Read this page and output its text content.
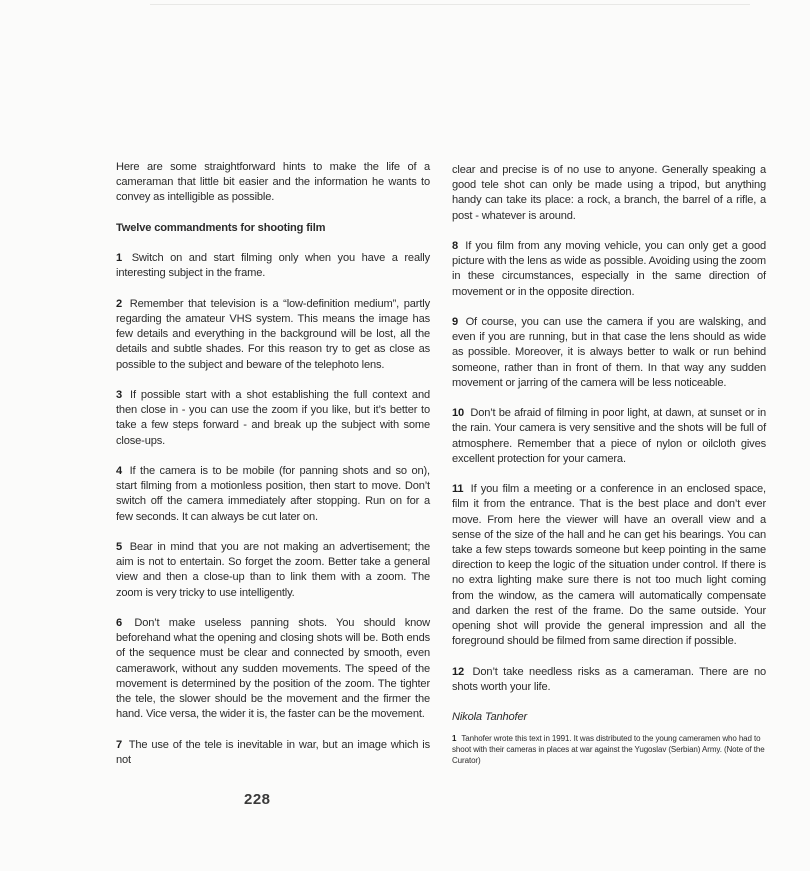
Here are some straightforward hints to make the life of a cameraman that little bit easier and the information he wants to convey as intelligible as possible.

Twelve commandments for shooting film

1 Switch on and start filming only when you have a really interesting subject in the frame.

2 Remember that television is a “low-definition medium”, partly regarding the amateur VHS system. This means the image has few details and everything in the background will be lost, all the details and subtle shades. For this reason try to get as close as possible to the subject and beware of the telephoto lens.

3 If possible start with a shot establishing the full context and then close in - you can use the zoom if you like, but it’s better to take a few steps forward - and break up the subject with some close-ups.

4 If the camera is to be mobile (for panning shots and so on), start filming from a motionless position, then start to move. Don’t switch off the camera immediately after stopping. Run on for a few seconds. It can always be cut later on.

5 Bear in mind that you are not making an advertisement; the aim is not to entertain. So forget the zoom. Better take a general view and then a close-up than to link them with a zoom. The zoom is very tricky to use intelligently.

6 Don’t make useless panning shots. You should know beforehand what the opening and closing shots will be. Both ends of the sequence must be clear and connected by smooth, even camerawork, without any sudden movements. The speed of the movement is determined by the position of the zoom. The tighter the tele, the slower should be the movement and the firmer the hand. Vice versa, the wider it is, the faster can be the movement.

7 The use of the tele is inevitable in war, but an image which is not

clear and precise is of no use to anyone. Generally speaking a good tele shot can only be made using a tripod, but anything handy can take its place: a rock, a branch, the barrel of a rifle, a post - whatever is around.

8 If you film from any moving vehicle, you can only get a good picture with the lens as wide as possible. Avoiding using the zoom in these circumstances, especially in the same direction of movement or in the opposite direction.

9 Of course, you can use the camera if you are walsking, and even if you are running, but in that case the lens should as wide as possible. Moreover, it is always better to walk or run behind someone, rather than in front of them. In that way any sudden movement or jarring of the camera will be less noticeable.

10 Don’t be afraid of filming in poor light, at dawn, at sunset or in the rain. Your camera is very sensitive and the shots will be full of atmosphere. Remember that a piece of nylon or oilcloth gives excellent protection for your camera.

11 If you film a meeting or a conference in an enclosed space, film it from the entrance. That is the best place and don’t ever move. From here the viewer will have an overall view and a sense of the size of the hall and he can get his bearings. You can take a few steps towards someone but keep pointing in the same direction to keep the logic of the situation under control. If there is no extra lighting make sure there is not too much light coming from the window, as the camera will automatically compensate and darken the rest of the frame. Do the same outside. Your opening shot will provide the general impression and all the foreground should be filmed from same direction if possible.

12 Don’t take needless risks as a cameraman. There are no shots worth your life.

Nikola Tanhofer

1 Tanhofer wrote this text in 1991. It was distributed to the young cameramen who had to shoot with their cameras in places at war against the Yugoslav (Serbian) Army. (Note of the Curator)

228
